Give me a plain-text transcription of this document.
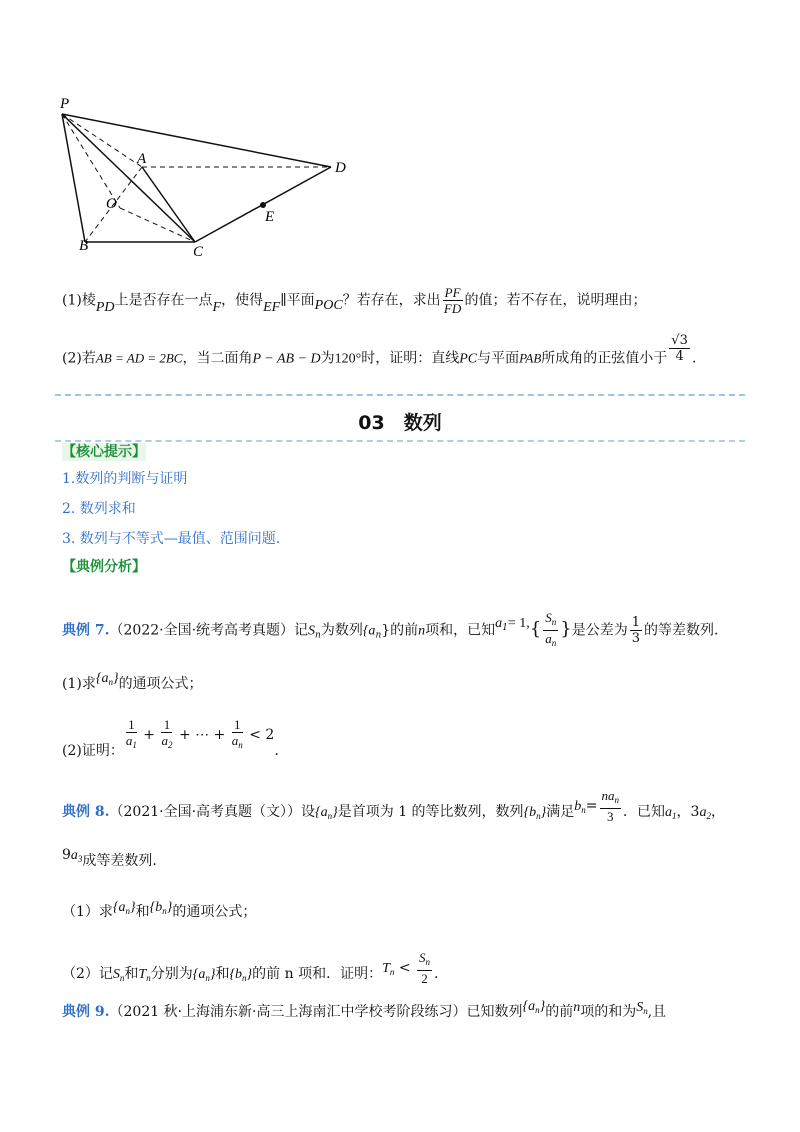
P
A
D
O
E
B	C
(1)棱PD上是否存在一点F，使得EF∥平面POC？若存在，求出 $\frac{PF}{FD}$ 的值；若不存在，说明理由；
(2)若AB = AD = 2BC，当二面角P − AB − D为120°时，证明：直线PC与平面PAB所成角的正弦值小于 $\frac{√3}{4}$ .
03　数列
【核心提示】
1.数列的判断与证明
2. 数列求和
3. 数列与不等式—最值、范围问题.
【典例分析】
典例 7.（2022·全国·统考高考真题）记$S_n$为数列$\{a_n\}$的前n项和，已知$a_1= 1,\{ \frac{S_n}{a_n}$ }是公差为 $\frac{1}{3}$ 的等差数列.
(1)求$\{a_n\}$的通项公式；
(2)证明： $\frac{1}{a_1} + \frac{1}{a_2}$ + ⋯ + $\frac{1}{a_n} < 2$.
典例 8.（2021·全国·高考真题（文））设$\{a_n\}$是首项为 1 的等比数列，数列$\{b_n\}$满足$b_n= \frac{na_n}{3}$ ．已知$a_1$，$3a_2$，
$9a_3$成等差数列.
（1）求$\{a_n\}$和$\{b_n\}$的通项公式；
（2）记$S_n$和$T_n$分别为$\{a_n\}$和$\{b_n\}$的前 n 项和．证明：$T_n < \frac{S_n}{2}$ .
典例 9.（2021 秋·上海浦东新·高三上海南汇中学校考阶段练习）已知数列$\{a_n\}$的前n项的和为$S_n$,且
